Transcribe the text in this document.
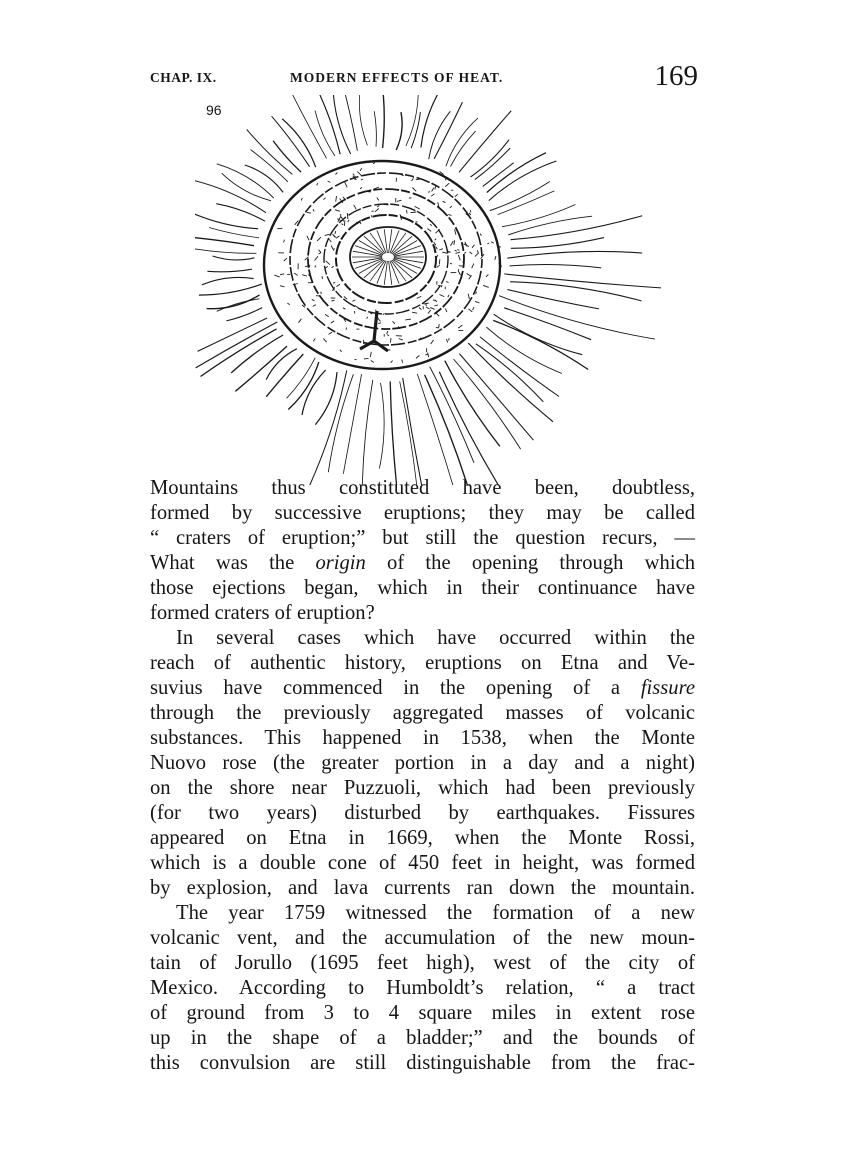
CHAP. IX.	MODERN EFFECTS OF HEAT.	169
96

Mountains thus constituted have been, doubtless,
formed by successive eruptions; they may be called
“ craters of eruption;” but still the question recurs, —
What was the origin of the opening through which
those ejections began, which in their continuance have
formed craters of eruption?

In several cases which have occurred within the
reach of authentic history, eruptions on Etna and Ve-
suvius have commenced in the opening of a fissure
through the previously aggregated masses of volcanic
substances. This happened in 1538, when the Monte
Nuovo rose (the greater portion in a day and a night)
on the shore near Puzzuoli, which had been previously
(for two years) disturbed by earthquakes. Fissures
appeared on Etna in 1669, when the Monte Rossi,
which is a double cone of 450 feet in height, was formed
by explosion, and lava currents ran down the mountain.

The year 1759 witnessed the formation of a new
volcanic vent, and the accumulation of the new moun-
tain of Jorullo (1695 feet high), west of the city of
Mexico. According to Humboldt’s relation, “ a tract
of ground from 3 to 4 square miles in extent rose
up in the shape of a bladder;” and the bounds of
this convulsion are still distinguishable from the frac-
